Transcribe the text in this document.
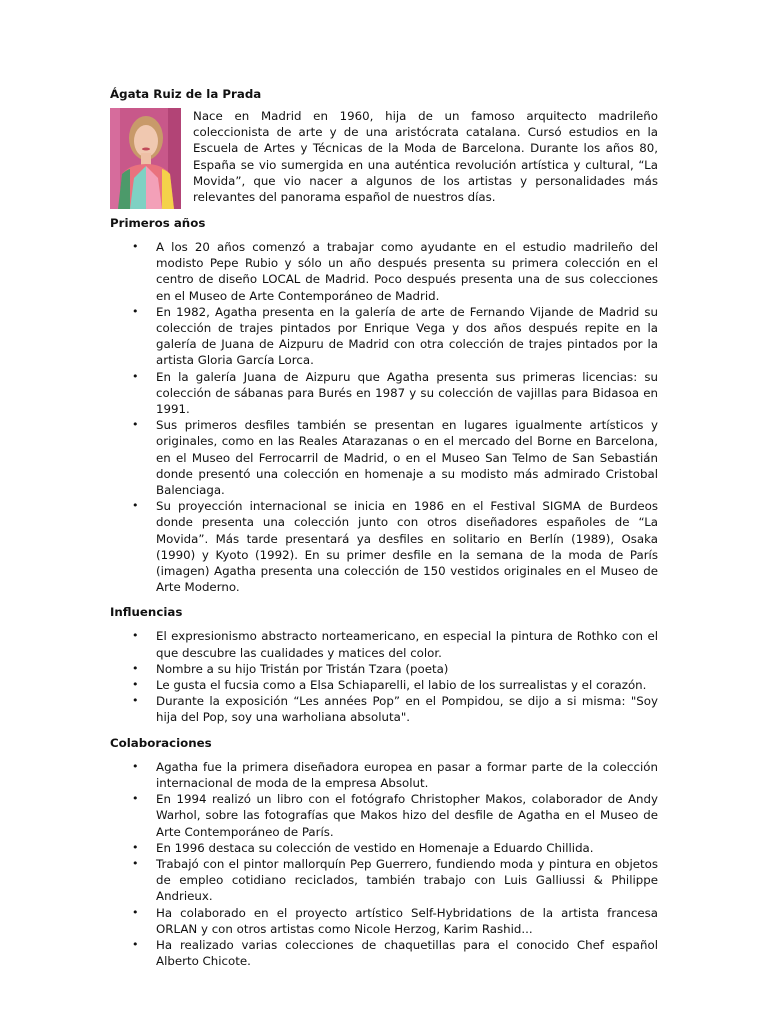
Ágata Ruiz de la Prada

Nace en Madrid en 1960, hija de un famoso arquitecto madrileño coleccionista de arte y de una aristócrata catalana. Cursó estudios en la Escuela de Artes y Técnicas de la Moda de Barcelona. Durante los años 80, España se vio sumergida en una auténtica revolución artística y cultural, “La Movida”, que vio nacer a algunos de los artistas y personalidades más relevantes del panorama español de nuestros días.

Primeros años
• A los 20 años comenzó a trabajar como ayudante en el estudio madrileño del modisto Pepe Rubio y sólo un año después presenta su primera colección en el centro de diseño LOCAL de Madrid. Poco después presenta una de sus colecciones en el Museo de Arte Contemporáneo de Madrid.
• En 1982, Agatha presenta en la galería de arte de Fernando Vijande de Madrid su colección de trajes pintados por Enrique Vega y dos años después repite en la galería de Juana de Aizpuru de Madrid con otra colección de trajes pintados por la artista Gloria García Lorca.
• En la galería Juana de Aizpuru que Agatha presenta sus primeras licencias: su colección de sábanas para Burés en 1987 y su colección de vajillas para Bidasoa en 1991.
• Sus primeros desfiles también se presentan en lugares igualmente artísticos y originales, como en las Reales Atarazanas o en el mercado del Borne en Barcelona, en el Museo del Ferrocarril de Madrid, o en el Museo San Telmo de San Sebastián donde presentó una colección en homenaje a su modisto más admirado Cristobal Balenciaga.
• Su proyección internacional se inicia en 1986 en el Festival SIGMA de Burdeos donde presenta una colección junto con otros diseñadores españoles de “La Movida”. Más tarde presentará ya desfiles en solitario en Berlín (1989), Osaka (1990) y Kyoto (1992). En su primer desfile en la semana de la moda de París (imagen) Agatha presenta una colección de 150 vestidos originales en el Museo de Arte Moderno.
Influencias
• El expresionismo abstracto norteamericano, en especial la pintura de Rothko con el que descubre las cualidades y matices del color.
• Nombre a su hijo Tristán por Tristán Tzara (poeta)
• Le gusta el fucsia como a Elsa Schiaparelli, el labio de los surrealistas y el corazón.
• Durante la exposición “Les années Pop” en el Pompidou, se dijo a si misma: "Soy hija del Pop, soy una warholiana absoluta".
Colaboraciones
• Agatha fue la primera diseñadora europea en pasar a formar parte de la colección internacional de moda de la empresa Absolut.
• En 1994 realizó un libro con el fotógrafo Christopher Makos, colaborador de Andy Warhol, sobre las fotografías que Makos hizo del desfile de Agatha en el Museo de Arte Contemporáneo de París.
• En 1996 destaca su colección de vestido en Homenaje a Eduardo Chillida.
• Trabajó con el pintor mallorquín Pep Guerrero, fundiendo moda y pintura en objetos de empleo cotidiano reciclados, también trabajo con Luis Galliussi & Philippe Andrieux.
• Ha colaborado en el proyecto artístico Self-Hybridations de la artista francesa ORLAN y con otros artistas como Nicole Herzog, Karim Rashid...
• Ha realizado varias colecciones de chaquetillas para el conocido Chef español Alberto Chicote.
